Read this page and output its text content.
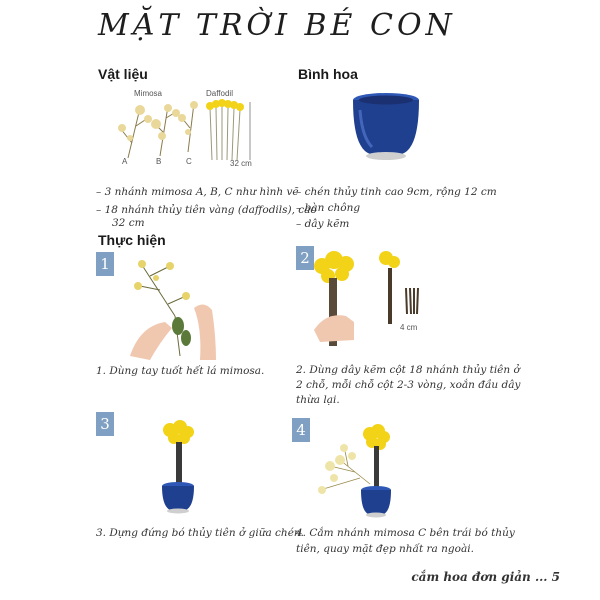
MẶT TRỜI BÉ CON
Vật liệu
Mimosa	Daffodil
A	B	C	32 cm
– 3 nhánh mimosa A, B, C như hình vẽ
– 18 nhánh thủy tiên vàng (daffodils), cao
32 cm
Bình hoa
– chén thủy tinh cao 9cm, rộng 12 cm
– bàn chông
– dây kẽm
Thực hiện
1
1. Dùng tay tuốt hết lá mimosa.
2
4 cm
2. Dùng dây kẽm cột 18 nhánh thủy tiên ở
2 chỗ, mỗi chỗ cột 2-3 vòng, xoắn đầu dây
thừa lại.
3
3. Dựng đứng bó thủy tiên ở giữa chén.
4
4. Cắm nhánh mimosa C bên trái bó thủy
tiên, quay mặt đẹp nhất ra ngoài.
cắm hoa đơn giản ... 5
